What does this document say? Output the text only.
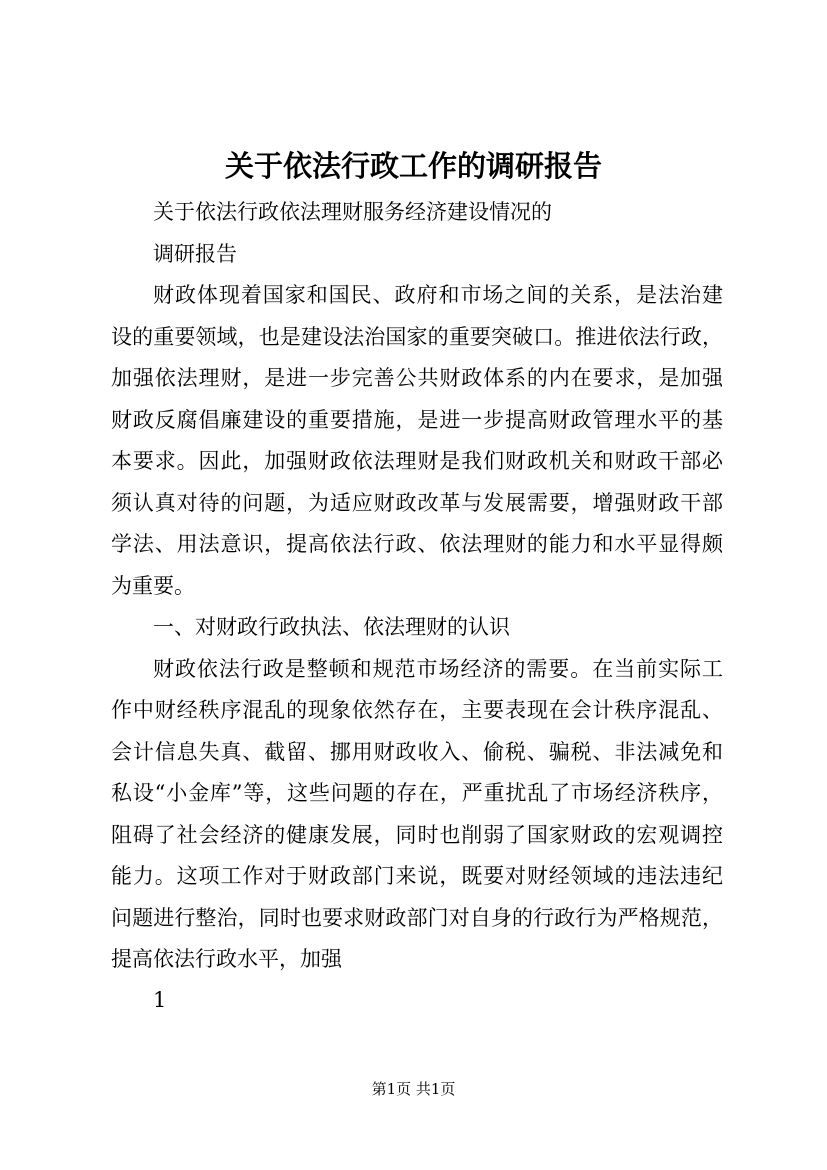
关于依法行政工作的调研报告
关于依法行政依法理财服务经济建设情况的
调研报告
财政体现着国家和国民、政府和市场之间的关系，是法治建
设的重要领域，也是建设法治国家的重要突破口。推进依法行政，
加强依法理财，是进一步完善公共财政体系的内在要求，是加强
财政反腐倡廉建设的重要措施，是进一步提高财政管理水平的基
本要求。因此，加强财政依法理财是我们财政机关和财政干部必
须认真对待的问题，为适应财政改革与发展需要，增强财政干部
学法、用法意识，提高依法行政、依法理财的能力和水平显得颇
为重要。
一、对财政行政执法、依法理财的认识
财政依法行政是整顿和规范市场经济的需要。在当前实际工
作中财经秩序混乱的现象依然存在，主要表现在会计秩序混乱、
会计信息失真、截留、挪用财政收入、偷税、骗税、非法减免和
私设“小金库”等，这些问题的存在，严重扰乱了市场经济秩序，
阻碍了社会经济的健康发展，同时也削弱了国家财政的宏观调控
能力。这项工作对于财政部门来说，既要对财经领域的违法违纪
问题进行整治，同时也要求财政部门对自身的行政行为严格规范，
提高依法行政水平，加强
1
第1页 共1页
